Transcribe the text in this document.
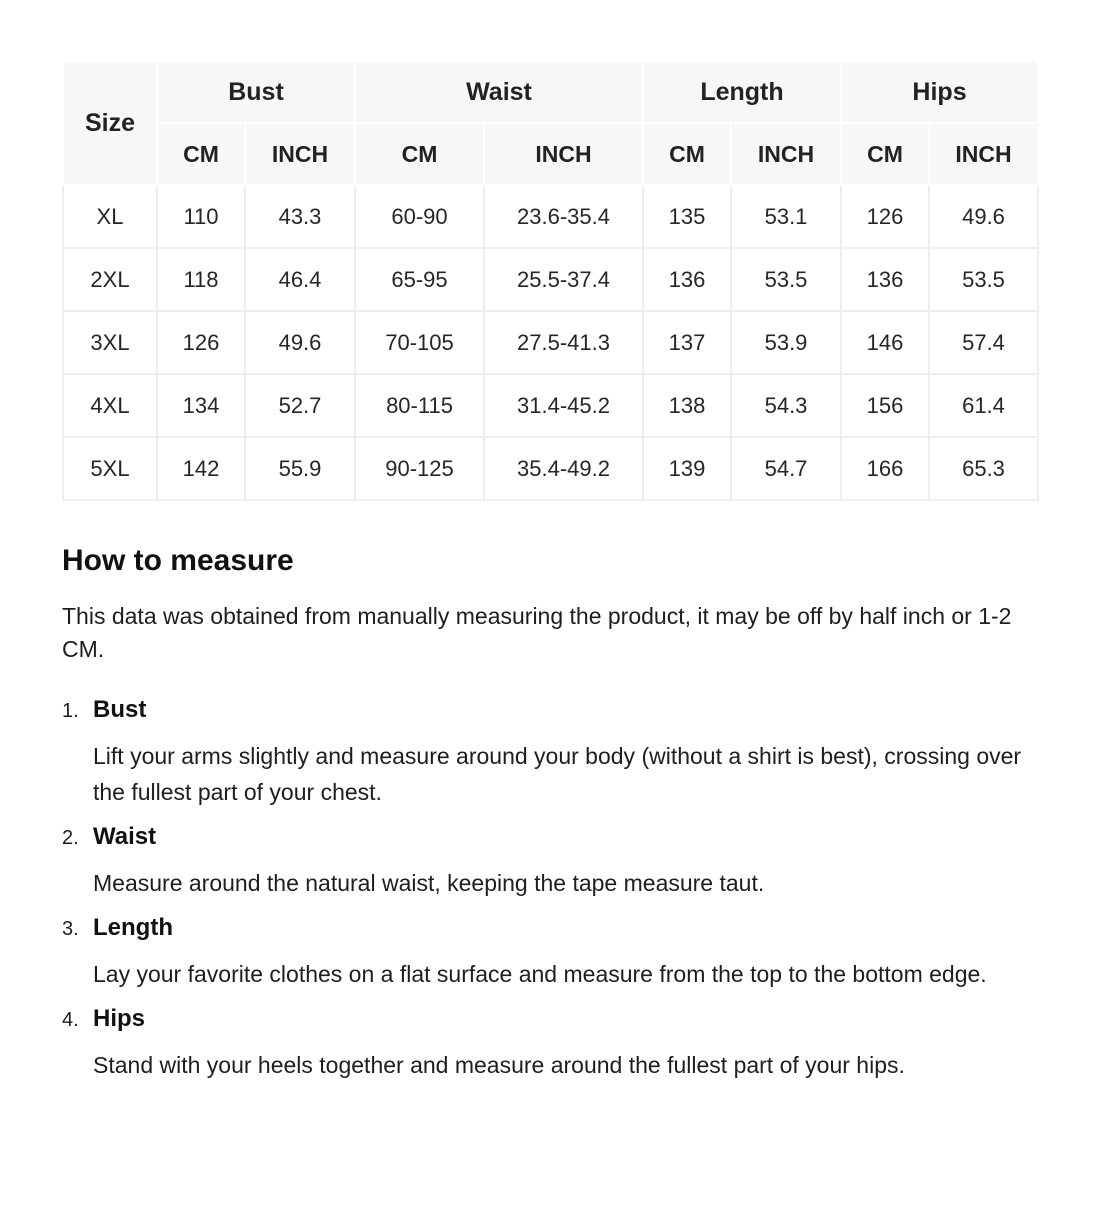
Size	Bust		Waist		Length		Hips	
	CM	INCH	CM	INCH	CM	INCH	CM	INCH
XL	110	43.3	60-90	23.6-35.4	135	53.1	126	49.6
2XL	118	46.4	65-95	25.5-37.4	136	53.5	136	53.5
3XL	126	49.6	70-105	27.5-41.3	137	53.9	146	57.4
4XL	134	52.7	80-115	31.4-45.2	138	54.3	156	61.4
5XL	142	55.9	90-125	35.4-49.2	139	54.7	166	65.3
How to measure

This data was obtained from manually measuring the product, it may be off by half inch or 1-2 CM.

1. Bust

Lift your arms slightly and measure around your body (without a shirt is best), crossing over the fullest part of your chest.

2. Waist

Measure around the natural waist, keeping the tape measure taut.

3. Length

Lay your favorite clothes on a flat surface and measure from the top to the bottom edge.

4. Hips

Stand with your heels together and measure around the fullest part of your hips.
